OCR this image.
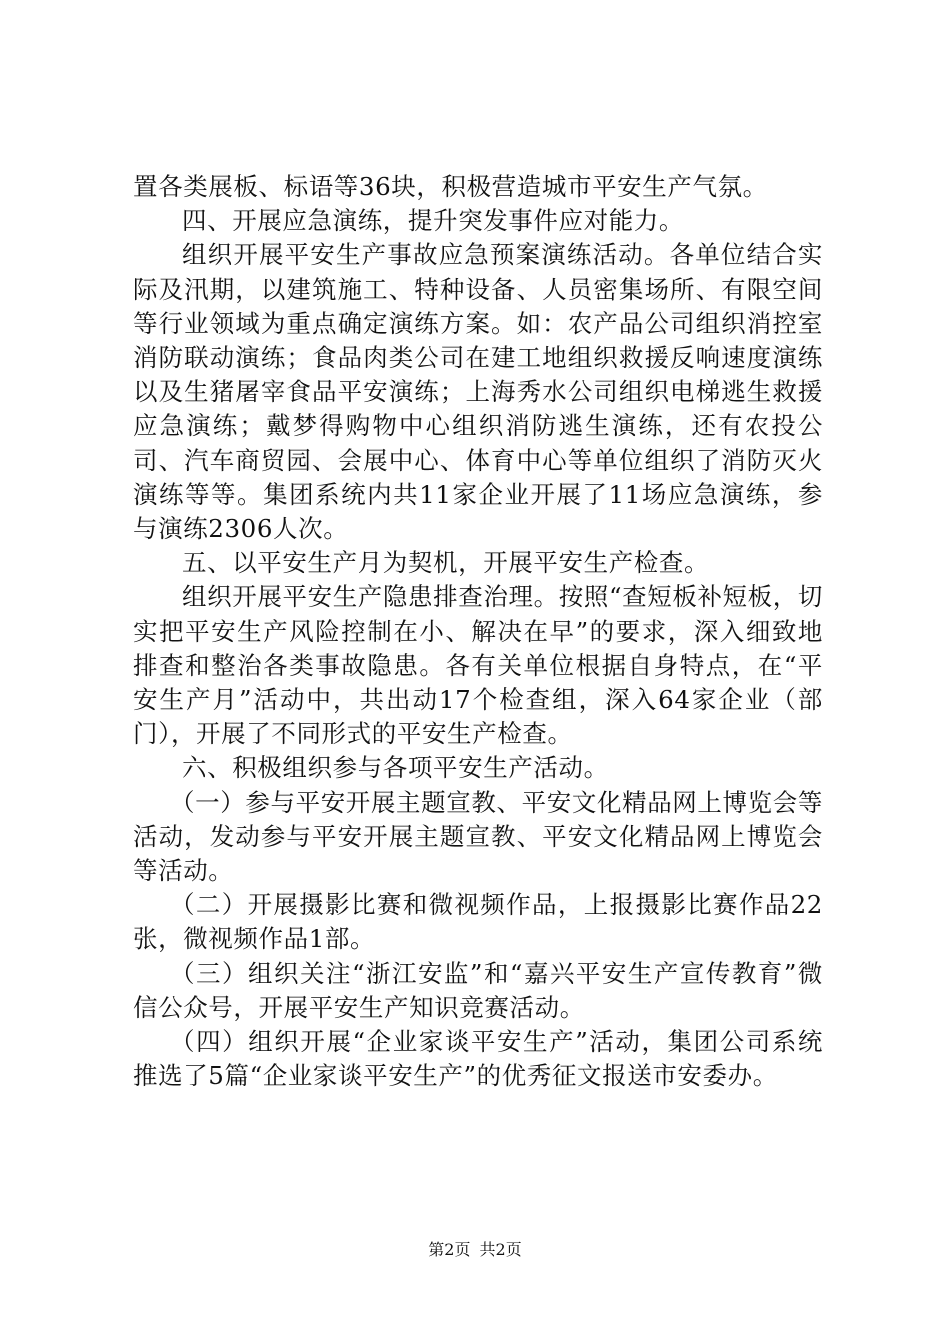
置各类展板、标语等36块，积极营造城市平安生产气氛。

四、开展应急演练，提升突发事件应对能力。

组织开展平安生产事故应急预案演练活动。各单位结合实际及汛期，以建筑施工、特种设备、人员密集场所、有限空间等行业领域为重点确定演练方案。如：农产品公司组织消控室消防联动演练；食品肉类公司在建工地组织救援反响速度演练以及生猪屠宰食品平安演练；上海秀水公司组织电梯逃生救援应急演练；戴梦得购物中心组织消防逃生演练，还有农投公司、汽车商贸园、会展中心、体育中心等单位组织了消防灭火演练等等。集团系统内共11家企业开展了11场应急演练，参与演练2306人次。

五、以平安生产月为契机，开展平安生产检查。

组织开展平安生产隐患排查治理。按照“查短板补短板，切实把平安生产风险控制在小、解决在早”的要求，深入细致地排查和整治各类事故隐患。各有关单位根据自身特点，在“平安生产月”活动中，共出动17个检查组，深入64家企业（部门），开展了不同形式的平安生产检查。

六、积极组织参与各项平安生产活动。

（一）参与平安开展主题宣教、平安文化精品网上博览会等活动，发动参与平安开展主题宣教、平安文化精品网上博览会等活动。

（二）开展摄影比赛和微视频作品，上报摄影比赛作品22张，微视频作品1部。

（三）组织关注“浙江安监”和“嘉兴平安生产宣传教育”微信公众号，开展平安生产知识竞赛活动。

（四）组织开展“企业家谈平安生产”活动，集团公司系统推选了5篇“企业家谈平安生产”的优秀征文报送市安委办。

第2页 共2页
